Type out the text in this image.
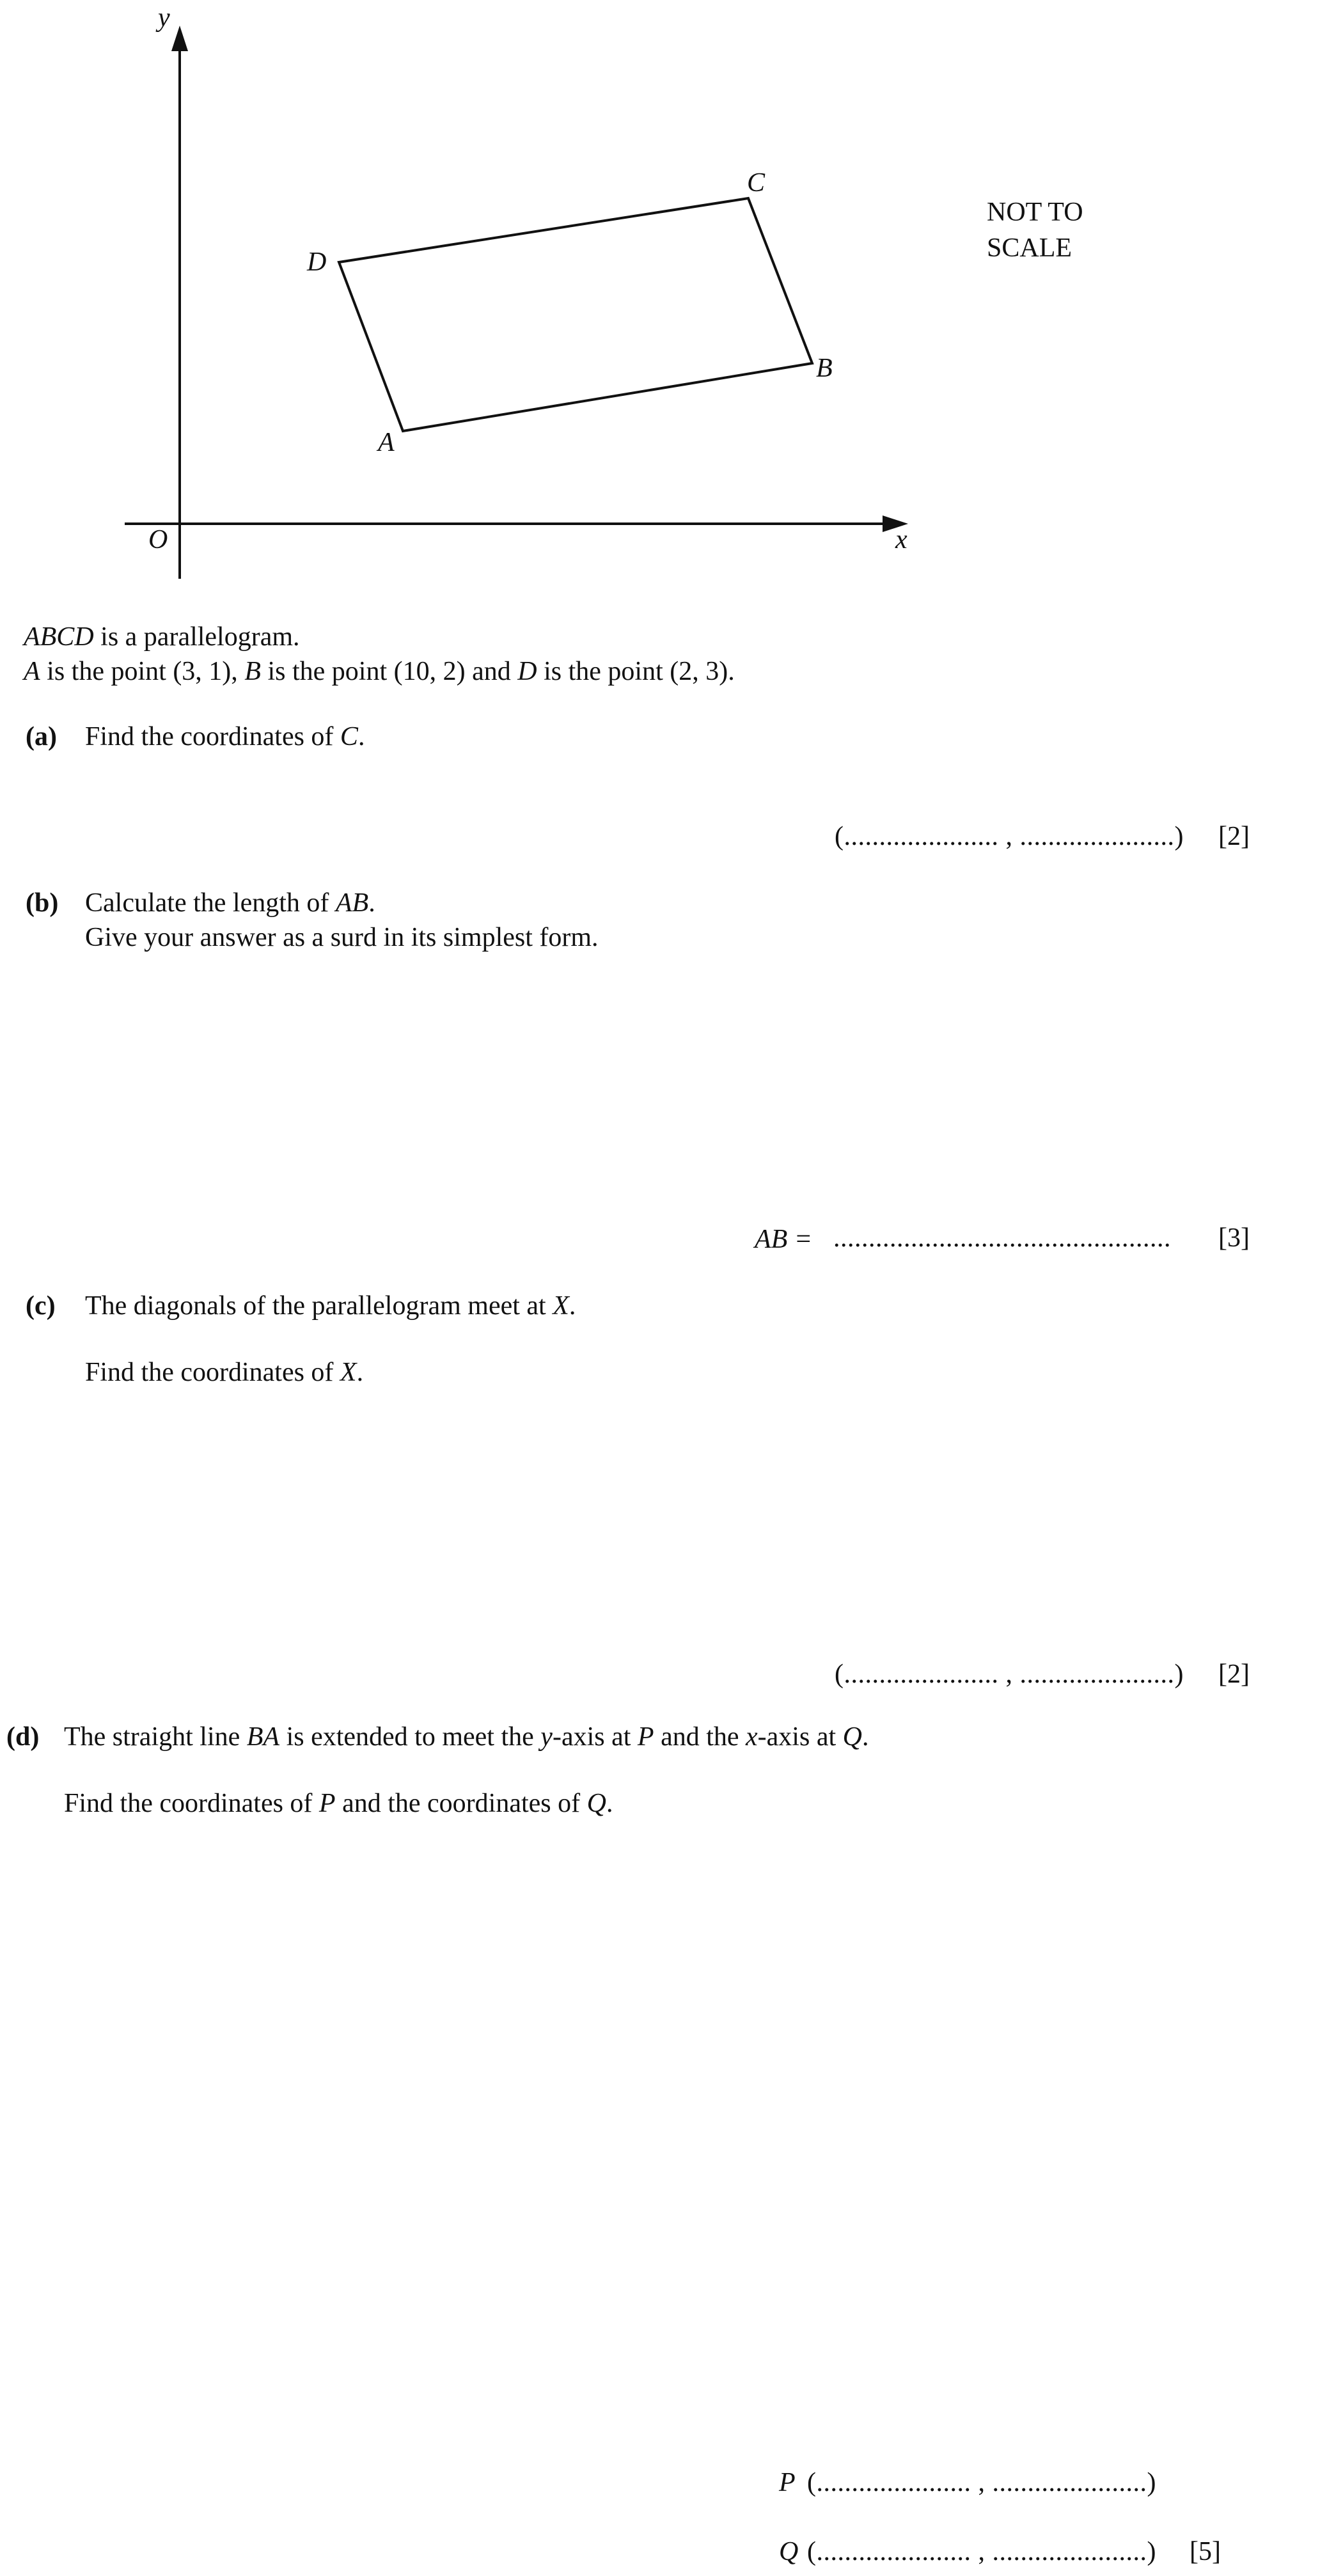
y
x
O
A
B
C
D
NOT TO
SCALE
ABCD is a parallelogram.
A is the point (3, 1), B is the point (10, 2) and D is the point (2, 3).
(a) Find the coordinates of C.
(...................... , ......................) [2]
(b) Calculate the length of AB.
Give your answer as a surd in its simplest form.
AB = ................................................ [3]
(c) The diagonals of the parallelogram meet at X.
Find the coordinates of X.
(...................... , ......................) [2]
(d) The straight line BA is extended to meet the y-axis at P and the x-axis at Q.
Find the coordinates of P and the coordinates of Q.
P (...................... , ......................)
Q (...................... , ......................) [5]
